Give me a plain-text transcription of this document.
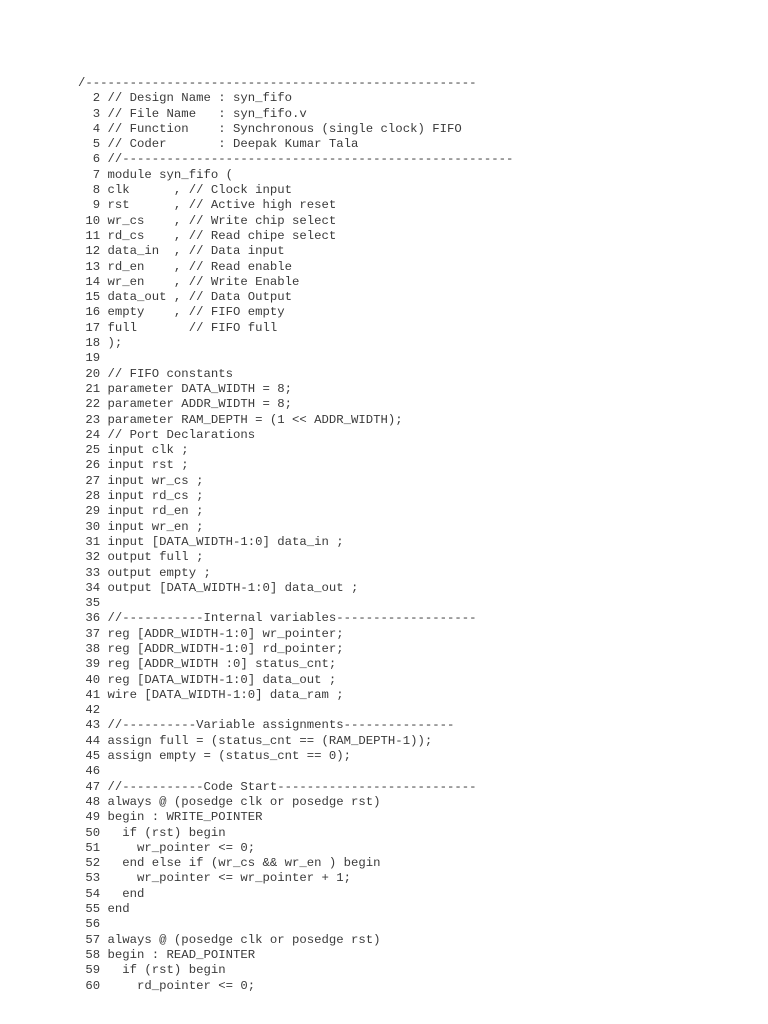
/-----------------------------------------------------
2 // Design Name : syn_fifo
3 // File Name   : syn_fifo.v
4 // Function    : Synchronous (single clock) FIFO
5 // Coder       : Deepak Kumar Tala
6 //-----------------------------------------------------
7 module syn_fifo (
8 clk      , // Clock input
9 rst      , // Active high reset
10 wr_cs    , // Write chip select
11 rd_cs    , // Read chipe select
12 data_in  , // Data input
13 rd_en    , // Read enable
14 wr_en    , // Write Enable
15 data_out , // Data Output
16 empty    , // FIFO empty
17 full       // FIFO full
18 );
19
20 // FIFO constants
21 parameter DATA_WIDTH = 8;
22 parameter ADDR_WIDTH = 8;
23 parameter RAM_DEPTH = (1 << ADDR_WIDTH);
24 // Port Declarations
25 input clk ;
26 input rst ;
27 input wr_cs ;
28 input rd_cs ;
29 input rd_en ;
30 input wr_en ;
31 input [DATA_WIDTH-1:0] data_in ;
32 output full ;
33 output empty ;
34 output [DATA_WIDTH-1:0] data_out ;
35
36 //-----------Internal variables-------------------
37 reg [ADDR_WIDTH-1:0] wr_pointer;
38 reg [ADDR_WIDTH-1:0] rd_pointer;
39 reg [ADDR_WIDTH :0] status_cnt;
40 reg [DATA_WIDTH-1:0] data_out ;
41 wire [DATA_WIDTH-1:0] data_ram ;
42
43 //----------Variable assignments---------------
44 assign full = (status_cnt == (RAM_DEPTH-1));
45 assign empty = (status_cnt == 0);
46
47 //-----------Code Start---------------------------
48 always @ (posedge clk or posedge rst)
49 begin : WRITE_POINTER
50   if (rst) begin
51     wr_pointer <= 0;
52   end else if (wr_cs && wr_en ) begin
53     wr_pointer <= wr_pointer + 1;
54   end
55 end
56
57 always @ (posedge clk or posedge rst)
58 begin : READ_POINTER
59   if (rst) begin
60     rd_pointer <= 0;
